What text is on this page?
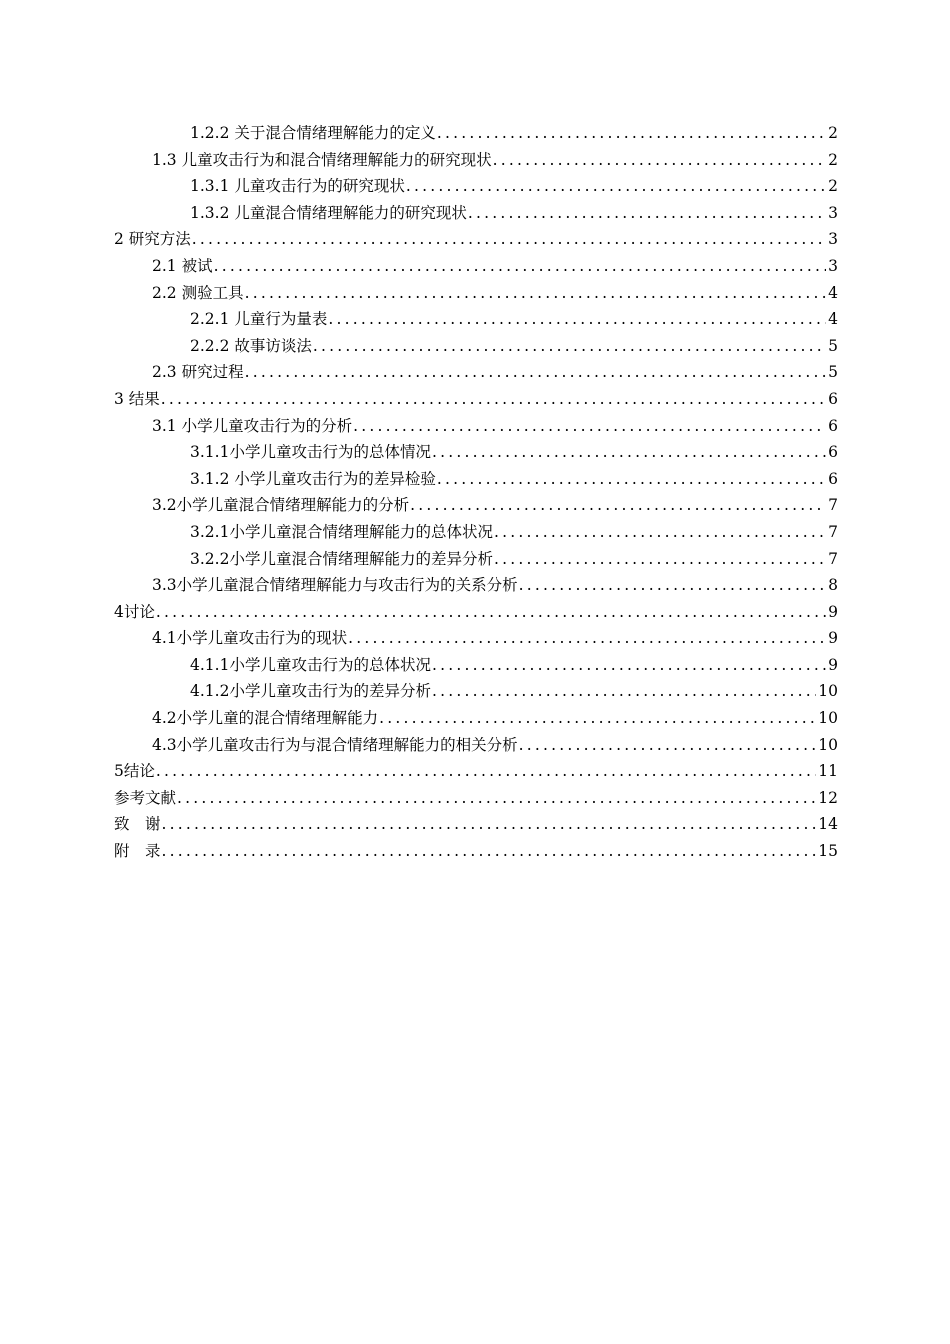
1.2.2 关于混合情绪理解能力的定义 .....	2
1.3 儿童攻击行为和混合情绪理解能力的研究现状 .....	2
1.3.1 儿童攻击行为的研究现状 .....	2
1.3.2 儿童混合情绪理解能力的研究现状 .....	3
2 研究方法 .....	3
2.1 被试 .....	3
2.2 测验工具 .....	4
2.2.1 儿童行为量表 .....	4
2.2.2 故事访谈法 .....	5
2.3 研究过程 .....	5
3 结果 .....	6
3.1 小学儿童攻击行为的分析 .....	6
3.1.1小学儿童攻击行为的总体情况 .....	6
3.1.2 小学儿童攻击行为的差异检验 .....	6
3.2小学儿童混合情绪理解能力的分析 .....	7
3.2.1小学儿童混合情绪理解能力的总体状况 .....	7
3.2.2小学儿童混合情绪理解能力的差异分析 .....	7
3.3小学儿童混合情绪理解能力与攻击行为的关系分析 .....	8
4讨论 .....	9
4.1小学儿童攻击行为的现状 .....	9
4.1.1小学儿童攻击行为的总体状况 .....	9
4.1.2小学儿童攻击行为的差异分析 .....	10
4.2小学儿童的混合情绪理解能力 .....	10
4.3小学儿童攻击行为与混合情绪理解能力的相关分析 .....	10
5结论 .....	11
参考文献 .....	12
致　谢 .....	14
附　录 .....	15
